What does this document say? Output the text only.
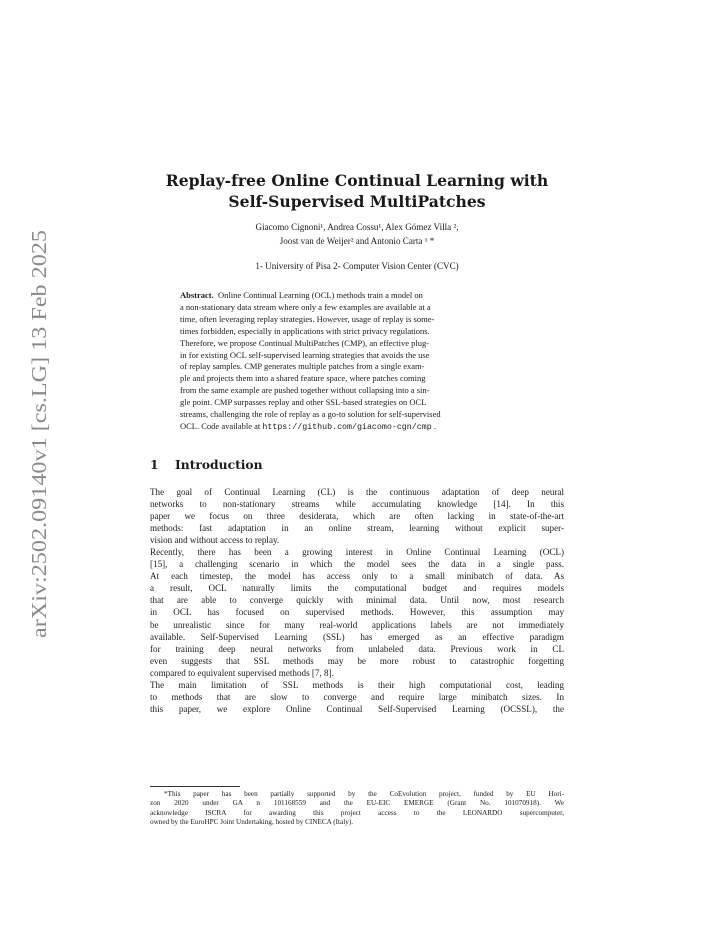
arXiv:2502.09140v1 [cs.LG] 13 Feb 2025
Replay-free Online Continual Learning with
Self-Supervised MultiPatches
Giacomo Cignoni¹, Andrea Cossu¹, Alex Gómez Villa ²,
Joost van de Weijer² and Antonio Carta ¹ *
1- University of Pisa 2- Computer Vision Center (CVC)
Abstract. Online Continual Learning (OCL) methods train a model on
a non-stationary data stream where only a few examples are available at a
time, often leveraging replay strategies. However, usage of replay is some-
times forbidden, especially in applications with strict privacy regulations.
Therefore, we propose Continual MultiPatches (CMP), an effective plug-
in for existing OCL self-supervised learning strategies that avoids the use
of replay samples. CMP generates multiple patches from a single exam-
ple and projects them into a shared feature space, where patches coming
from the same example are pushed together without collapsing into a sin-
gle point. CMP surpasses replay and other SSL-based strategies on OCL
streams, challenging the role of replay as a go-to solution for self-supervised
OCL. Code available at https://github.com/giacomo-cgn/cmp .
1 Introduction
The goal of Continual Learning (CL) is the continuous adaptation of deep neural
networks to non-stationary streams while accumulating knowledge [14]. In this
paper we focus on three desiderata, which are often lacking in state-of-the-art
methods: fast adaptation in an online stream, learning without explicit super-
vision and without access to replay.
Recently, there has been a growing interest in Online Continual Learning (OCL)
[15], a challenging scenario in which the model sees the data in a single pass.
At each timestep, the model has access only to a small minibatch of data. As
a result, OCL naturally limits the computational budget and requires models
that are able to converge quickly with minimal data. Until now, most research
in OCL has focused on supervised methods. However, this assumption may
be unrealistic since for many real-world applications labels are not immediately
available. Self-Supervised Learning (SSL) has emerged as an effective paradigm
for training deep neural networks from unlabeled data. Previous work in CL
even suggests that SSL methods may be more robust to catastrophic forgetting
compared to equivalent supervised methods [7, 8].
The main limitation of SSL methods is their high computational cost, leading
to methods that are slow to converge and require large minibatch sizes. In
this paper, we explore Online Continual Self-Supervised Learning (OCSSL), the
*This paper has been partially supported by the CoEvolution project, funded by EU Hori-
zon 2020 under GA n 101168559 and the EU-EIC EMERGE (Grant No. 101070918). We
acknowledge ISCRA for awarding this project access to the LEONARDO supercomputer,
owned by the EuroHPC Joint Undertaking, hosted by CINECA (Italy).
